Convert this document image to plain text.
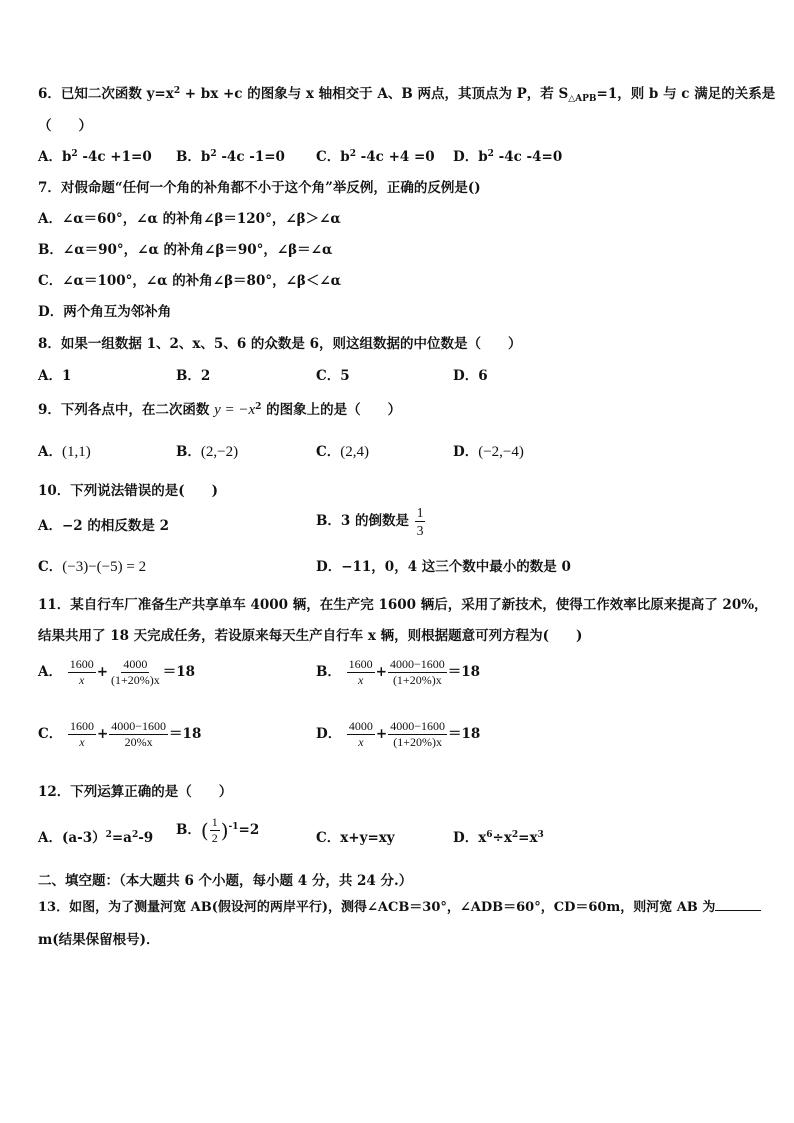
6．已知二次函数 $y=x^2$ + bx +c 的图象与 x 轴相交于 A、B 两点，其顶点为 P，若 $S_{\triangle APB}=1$，则 b 与 c 满足的关系是
（　　）
A．$b^2$ -4c +1=0 B．$b^2$ -4c -1=0 C．$b^2$ -4c +4 =0 D．$b^2$ -4c -4=0
7．对假命题“任何一个角的补角都不小于这个角”举反例，正确的反例是()
A．∠α＝60°，∠α 的补角∠β＝120°，∠β＞∠α
B．∠α＝90°，∠α 的补角∠β＝90°，∠β＝∠α
C．∠α＝100°，∠α 的补角∠β＝80°，∠β＜∠α
D．两个角互为邻补角
8．如果一组数据 1、2、x、5、6 的众数是 6，则这组数据的中位数是（　　）
A．1	B．2	C．5	D．6
9．下列各点中，在二次函数 $y = -x^2$ 的图象上的是（　　）
A．(1,1)	B．(2,−2)	C．(2,4)	D．(−2,−4)
10．下列说法错误的是(　　)
A．−2 的相反数是 2	B．3 的倒数是 $\frac{1}{3}$
C．(−3)−(−5) = 2	D．−11，0，4 这三个数中最小的数是 0
11．某自行车厂准备生产共享单车 4000 辆，在生产完 1600 辆后，采用了新技术，使得工作效率比原来提高了 20%，
结果共用了 18 天完成任务，若设原来每天生产自行车 x 辆，则根据题意可列方程为(　　)
A． $\frac{1600}{x} + \frac{4000}{(1+20\%)x} =18$	B． $\frac{1600}{x} + \frac{4000-1600}{(1+20\%)x} =18$
C． $\frac{1600}{x} + \frac{4000-1600}{20\%x} =18$	D． $\frac{4000}{x} + \frac{4000-1600}{(1+20\%)x} =18$
12．下列运算正确的是（　　）
A．$(a-3)^2=a^2-9$ B．( $\frac{1}{2} )^{-1}=2$	C．x+y=xy	D．$x^6\div x^2=x^3$
二、填空题：（本大题共 6 个小题，每小题 4 分，共 24 分.）
13．如图，为了测量河宽 AB(假设河的两岸平行)，测得∠ACB＝30°，∠ADB＝60°，CD＝60m，则河宽 AB 为
m(结果保留根号)．
